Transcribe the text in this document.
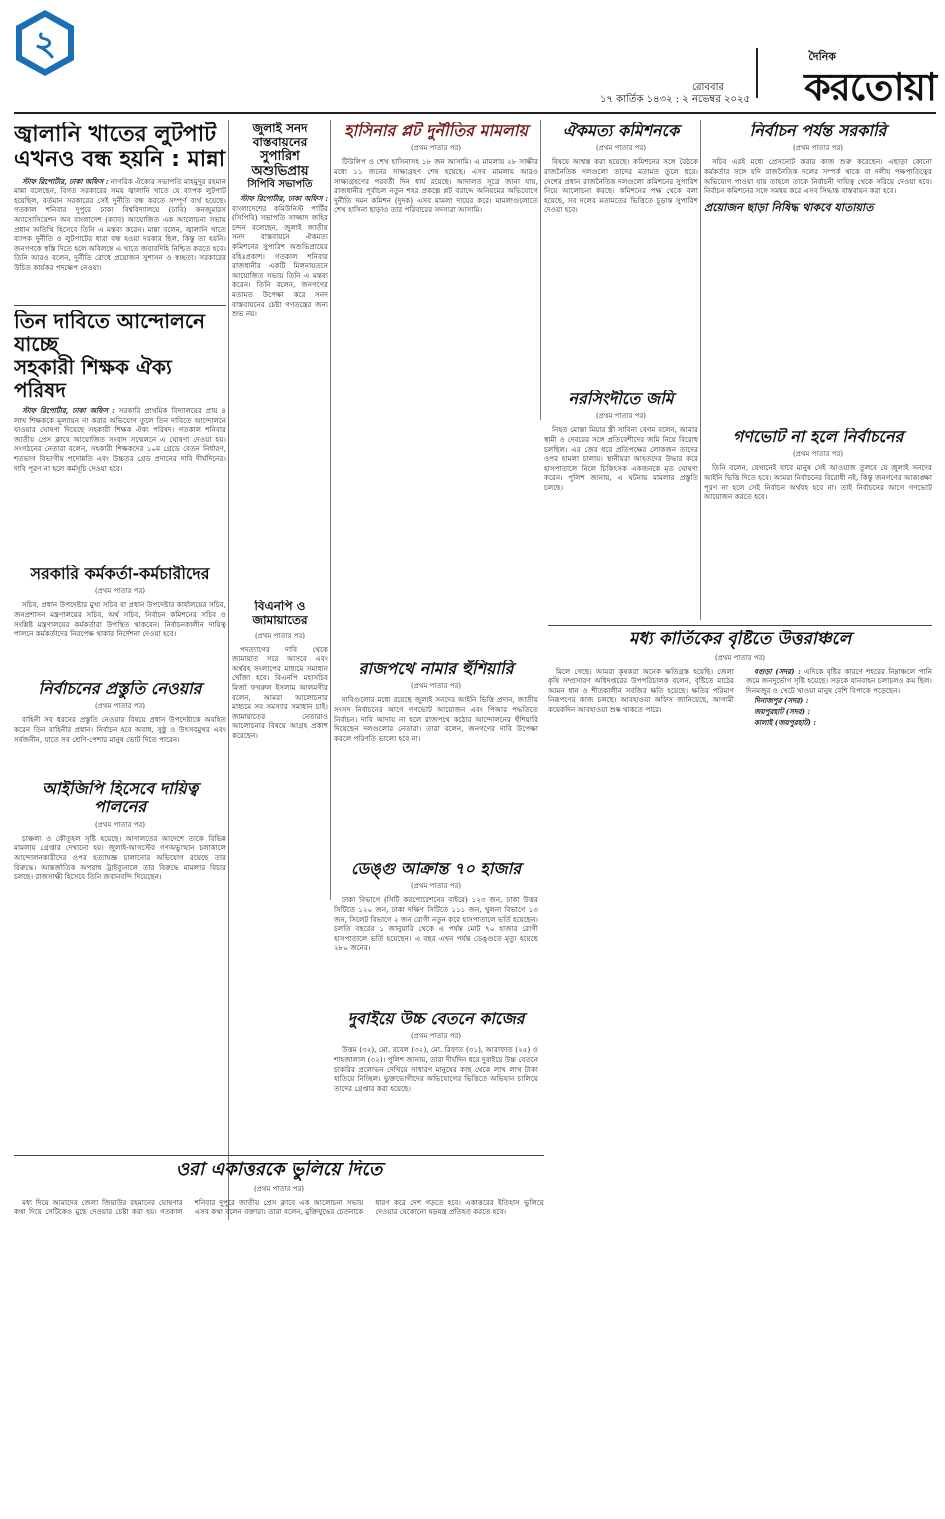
২
রোববার
১৭ কার্তিক ১৪৩২ : ২ নভেম্বর ২০২৫
দৈনিক
করতোয়া
জ্বালানি খাতের লুটপাট
এখনও বন্ধ হয়নি : মান্না

স্টাফ রিপোর্টার, ঢাকা অফিস : নাগরিক ঐক্যের সভাপতি মাহমুদুর রহমান মান্না বলেছেন, বিগত সরকারের সময় জ্বালানি খাতে যে ব্যাপক লুটপাট হয়েছিল, বর্তমান সরকারের সেই দুর্নীতি বন্ধ করতে সম্পূর্ণ ব্যর্থ হয়েছে। গতকাল শনিবার দুপুরে ঢাকা বিশ্ববিদ্যালয়ে (ঢাবি) কনজুমারস অ্যাসোসিয়েশন অব বাংলাদেশ (ক্যাব) আয়োজিত এক আলোচনা সভায় প্রধান অতিথি হিসেবে তিনি এ মন্তব্য করেন। মান্না বলেন, জ্বালানি খাতে ব্যাপক দুর্নীতি ও লুটপাটের ধারা বন্ধ হওয়া দরকার ছিল, কিন্তু তা হয়নি। জনগণকে স্বস্তি দিতে হলে অবিলম্বে এ খাতে জবাবদিহি নিশ্চিত করতে হবে। তিনি আরও বলেন, দুর্নীতি রোধে প্রয়োজন সুশাসন ও স্বচ্ছতা। সরকারের উচিত কার্যকর পদক্ষেপ নেওয়া।

তিন দাবিতে আন্দোলনে যাচ্ছে
সহকারী শিক্ষক ঐক্য পরিষদ

স্টাফ রিপোর্টার, ঢাকা অফিস : সরকারি প্রাথমিক বিদ্যালয়ের প্রায় ৪ লাখ শিক্ষককে মূল্যায়ন না করার অভিযোগ তুলে তিন দাবিতে আন্দোলনে যাওয়ার ঘোষণা দিয়েছে সহকারী শিক্ষক ঐক্য পরিষদ। গতকাল শনিবার জাতীয় প্রেস ক্লাবে আয়োজিত সংবাদ সম্মেলনে এ ঘোষণা দেওয়া হয়। সংগঠনের নেতারা বলেন, সহকারী শিক্ষকদের ১০ম গ্রেডে বেতন নির্ধারণ, শতভাগ বিভাগীয় পদোন্নতি এবং উচ্চতর গ্রেড প্রদানের দাবি দীর্ঘদিনের। দাবি পূরণ না হলে কর্মসূচি দেওয়া হবে।

সরকারি কর্মকর্তা-কর্মচারীদের
(প্রথম পাতার পর)

সচিব, প্রধান উপদেষ্টার মুখ্য সচিব বা প্রধান উপদেষ্টার কার্যালয়ের সচিব, জনপ্রশাসন মন্ত্রণালয়ের সচিব, অর্থ সচিব, নির্বাচন কমিশনের সচিব ও সংশ্লিষ্ট মন্ত্রণালয়ের কর্মকর্তারা উপস্থিত থাকবেন। নির্বাচনকালীন দায়িত্ব পালনে কর্মকর্তাদের নিরপেক্ষ থাকার নির্দেশনা দেওয়া হবে।

নির্বাচনের প্রস্তুতি নেওয়ার
(প্রথম পাতার পর)

বাহিনী সব ধরনের প্রস্তুতি নেওয়ার বিষয়ে প্রধান উপদেষ্টাকে অবহিত করেন তিন বাহিনীর প্রধান। নির্বাচন হবে অবাধ, সুষ্ঠু ও উৎসবমুখর এবং সর্বজনীন, যাতে সব শ্রেণি-পেশার মানুষ ভোট দিতে পারেন।

আইজিপি হিসেবে দায়িত্ব পালনের
(প্রথম পাতার পর)

চাঞ্চল্য ও কৌতূহল সৃষ্টি হয়েছে। আদালতের আদেশে তাকে বিভিন্ন মামলায় গ্রেপ্তার দেখানো হয়। জুলাই-আগস্টের গণঅভ্যুত্থান চলাকালে আন্দোলনকারীদের ওপর হত্যাযজ্ঞ চালানোর অভিযোগ রয়েছে তার বিরুদ্ধে। আন্তর্জাতিক অপরাধ ট্রাইব্যুনালে তার বিরুদ্ধে মামলার বিচার চলছে। রাজসাক্ষী হিসেবে তিনি জবানবন্দি দিয়েছেন।

ওরা একাত্তরকে ভুলিয়ে দিতে
(প্রথম পাতার পর)

মধ্য দিয়ে আমাদের জেলা জিয়াউর রহমানের ঘোষণার কথা দিয়ে সেটিকেও মুছে দেওয়ার চেষ্টা করা হয়। গতকাল শনিবার দুপুরে জাতীয় প্রেস ক্লাবে এক আলোচনা সভায় এসব কথা বলেন বক্তারা। তারা বলেন, মুক্তিযুদ্ধের চেতনাকে ধারণ করে দেশ গড়তে হবে। একাত্তরের ইতিহাস ভুলিয়ে দেওয়ার যেকোনো ষড়যন্ত্র প্রতিহত করতে হবে।

জুলাই সনদ
বাস্তবায়নের
সুপারিশ অশুভিপ্রায়
সিপিবি সভাপতি

স্টাফ রিপোর্টার, ঢাকা অফিস : বাংলাদেশের কমিউনিস্ট পার্টির (সিপিবি) সভাপতি সাজ্জাদ জহির চন্দন বলেছেন, জুলাই জাতীয় সনদ বাস্তবায়নে ঐকমত্য কমিশনের সুপারিশ অশুভিপ্রায়ের বহিঃপ্রকাশ। গতকাল শনিবার রাজধানীর একটি মিলনায়তনে আয়োজিত সভায় তিনি এ মন্তব্য করেন। তিনি বলেন, জনগণের মতামত উপেক্ষা করে সনদ বাস্তবায়নের চেষ্টা গণতন্ত্রের জন্য শুভ নয়।

বিএনপি ও জামায়াতের
(প্রথম পাতার পর)

পদত্যাগের দাবি থেকে জামায়াত সরে আসবে এবং অর্থবহ সংলাপের মাধ্যমে সমাধান খোঁজা হবে। বিএনপি মহাসচিব মির্জা ফখরুল ইসলাম আলমগীর বলেন, আমরা আলোচনার মাধ্যমে সব সমস্যার সমাধান চাই। জামায়াতের নেতারাও আলোচনার বিষয়ে আগ্রহ প্রকাশ করেছেন।

হাসিনার প্লট দুর্নীতির মামলায়
(প্রথম পাতার পর)

টিউলিপ ও শেখ হাসিনাসহ ১৮ জন আসামি। এ মামলায় ২৮ সাক্ষীর মধ্যে ১১ জনের সাক্ষ্যগ্রহণ শেষ হয়েছে। এসব মামলায় আরও সাক্ষ্যগ্রহণের পরবর্তী দিন ধার্য রয়েছে। আদালত সূত্রে জানা যায়, রাজধানীর পূর্বাচল নতুন শহর প্রকল্পে প্লট বরাদ্দে অনিয়মের অভিযোগে দুর্নীতি দমন কমিশন (দুদক) এসব মামলা দায়ের করে। মামলাগুলোতে শেখ হাসিনা ছাড়াও তার পরিবারের সদস্যরা আসামি।

রাজপথে নামার হুঁশিয়ারি
(প্রথম পাতার পর)

দাবিগুলোর মধ্যে রয়েছে জুলাই সনদের আইনি ভিত্তি প্রদান, জাতীয় সংসদ নির্বাচনের আগে গণভোট আয়োজন এবং পিআর পদ্ধতিতে নির্বাচন। দাবি আদায় না হলে রাজপথে কঠোর আন্দোলনের হুঁশিয়ারি দিয়েছেন দলগুলোর নেতারা। তারা বলেন, জনগণের দাবি উপেক্ষা করলে পরিণতি ভালো হবে না।

ডেঙ্গু আক্রান্ত ৭০ হাজার
(প্রথম পাতার পর)

ঢাকা বিভাগে (সিটি করপোরেশনের বাইরে) ১২৩ জন, ঢাকা উত্তর সিটিতে ১২০ জন, ঢাকা দক্ষিণ সিটিতে ১১১ জন, খুলনা বিভাগে ১৩ জন, সিলেট বিভাগে ২ জন রোগী নতুন করে হাসপাতালে ভর্তি হয়েছেন। চলতি বছরের ১ জানুয়ারি থেকে এ পর্যন্ত মোট ৭০ হাজার রোগী হাসপাতালে ভর্তি হয়েছেন। এ বছর এখন পর্যন্ত ডেঙ্গুতে মৃত্যু হয়েছে ২৮০ জনের।

দুবাইয়ে উচ্চ বেতনে কাজের
(প্রথম পাতার পর)

উত্তম (৩২), মো. রবেল (৩২), মো. রিফাত (৩১), আরাফাত (২৫) ও শাহজালাল (৩২)। পুলিশ জানায়, তারা দীর্ঘদিন ধরে দুবাইয়ে উচ্চ বেতনে চাকরির প্রলোভন দেখিয়ে সাধারণ মানুষের কাছ থেকে লাখ লাখ টাকা হাতিয়ে নিচ্ছিল। ভুক্তভোগীদের অভিযোগের ভিত্তিতে অভিযান চালিয়ে তাদের গ্রেপ্তার করা হয়েছে।

ঐকমত্য কমিশনকে
(প্রথম পাতার পর)

বিষয়ে আশ্বস্ত করা হয়েছে। কমিশনের সঙ্গে বৈঠকে রাজনৈতিক দলগুলো তাদের মতামত তুলে ধরে। দেশের প্রধান রাজনৈতিক দলগুলো কমিশনের সুপারিশ নিয়ে আলোচনা করছে। কমিশনের পক্ষ থেকে বলা হয়েছে, সব দলের মতামতের ভিত্তিতে চূড়ান্ত সুপারিশ দেওয়া হবে।

নরসিংদীতে জমি
(প্রথম পাতার পর)

নিহত মোস্তা মিয়ার স্ত্রী সাবিনা বেগম বলেন, আমার স্বামী ও দেবরের সঙ্গে প্রতিবেশীদের জমি নিয়ে বিরোধ চলছিল। এর জের ধরে প্রতিপক্ষের লোকজন তাদের ওপর হামলা চালায়। স্থানীয়রা আহতদের উদ্ধার করে হাসপাতালে নিলে চিকিৎসক একজনকে মৃত ঘোষণা করেন। পুলিশ জানায়, এ ঘটনায় মামলার প্রস্তুতি চলছে।

নির্বাচন পর্যন্ত সরকারি
(প্রথম পাতার পর)

সচিব এরই মধ্যে প্রেসনোট করার কাজ শুরু করেছেন। এছাড়া কোনো কর্মকর্তার সঙ্গে যদি রাজনৈতিক দলের সম্পর্ক থাকে বা দলীয় পক্ষপাতিত্বের অভিযোগ পাওয়া যায় তাহলে তাকে নির্বাচনী দায়িত্ব থেকে সরিয়ে দেওয়া হবে। নির্বাচন কমিশনের সঙ্গে সমন্বয় করে এসব সিদ্ধান্ত বাস্তবায়ন করা হবে।

প্রয়োজন ছাড়া নিষিদ্ধ থাকবে যাতায়াত
গণভোট না হলে নির্বাচনের
(প্রথম পাতার পর)

তিনি বলেন, যেখানেই যাবে মানুষ সেই আওয়াজ তুলবে যে জুলাই সনদের আইনি ভিত্তি দিতে হবে। আমরা নির্বাচনের বিরোধী নই, কিন্তু জনগণের আকাঙ্ক্ষা পূরণ না হলে সেই নির্বাচন অর্থবহ হবে না। তাই নির্বাচনের আগে গণভোট আয়োজন করতে হবে।

মধ্য কার্তিকের বৃষ্টিতে উত্তরাঞ্চলে
(প্রথম পাতার পর)

মিলে গেছে। আমরা কৃষকরা অনেক ক্ষতিগ্রস্ত হয়েছি। জেলা কৃষি সম্প্রসারণ অধিদপ্তরের উপপরিচালক বলেন, বৃষ্টিতে মাঠের আমন ধান ও শীতকালীন সবজির ক্ষতি হয়েছে। ক্ষতির পরিমাণ নিরূপণের কাজ চলছে। আবহাওয়া অফিস জানিয়েছে, আগামী কয়েকদিন আবহাওয়া শুষ্ক থাকতে পারে।

বগুড়া (সদর) : এদিকে বৃষ্টির কারণে শহরের নিম্নাঞ্চলে পানি জমে জনদুর্ভোগ সৃষ্টি হয়েছে। সড়কে যানবাহন চলাচলও কম ছিল। দিনমজুর ও খেটে খাওয়া মানুষ বেশি বিপাকে পড়েছেন।

দিনাজপুর (সদর) :

জয়পুরহাট (সদর) :

কালাই (জয়পুরহাট) :
